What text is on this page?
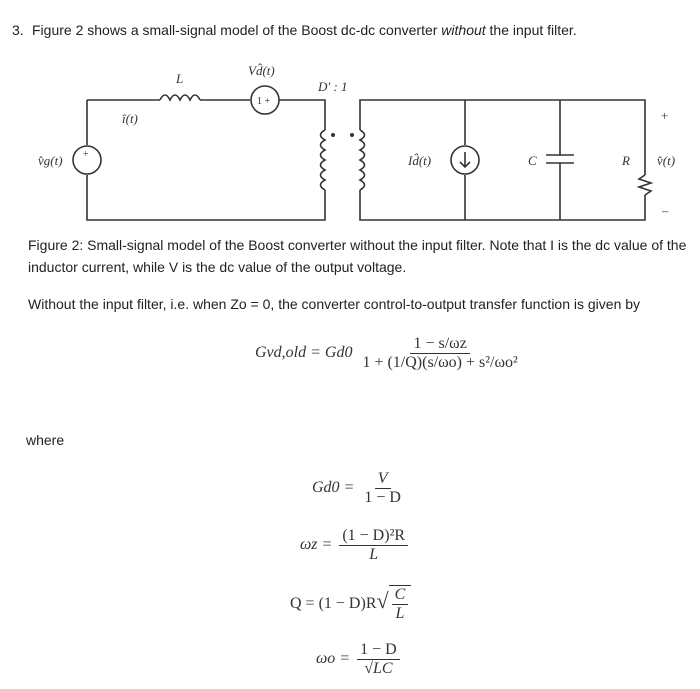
3. Figure 2 shows a small-signal model of the Boost dc-dc converter without the input filter.
L
Vd̂(t)
1 +
D′ : 1
î(t)
v̂g(t) +	Id̂(t)	C	R v̂(t)
+
–
Figure 2: Small-signal model of the Boost converter without the input filter. Note that I is the dc value of the inductor current, while V is the dc value of the output voltage.
Without the input filter, i.e. when Zo = 0, the converter control-to-output transfer function is given by
$Gvd,old = Gd0 \frac{1 - s/\omega z}{\text{1 + (1/Q)(s/ωo) + s²/ωo²}}$
where
$Gd0 = \frac{V}{1 - D}$
$\omega z = \frac{\text{(1 − D)²R}}{L}$
$Q = (1 - D)R√ \frac{C}{L}$
$\omega o = \frac{1 - D}{√LC}$
